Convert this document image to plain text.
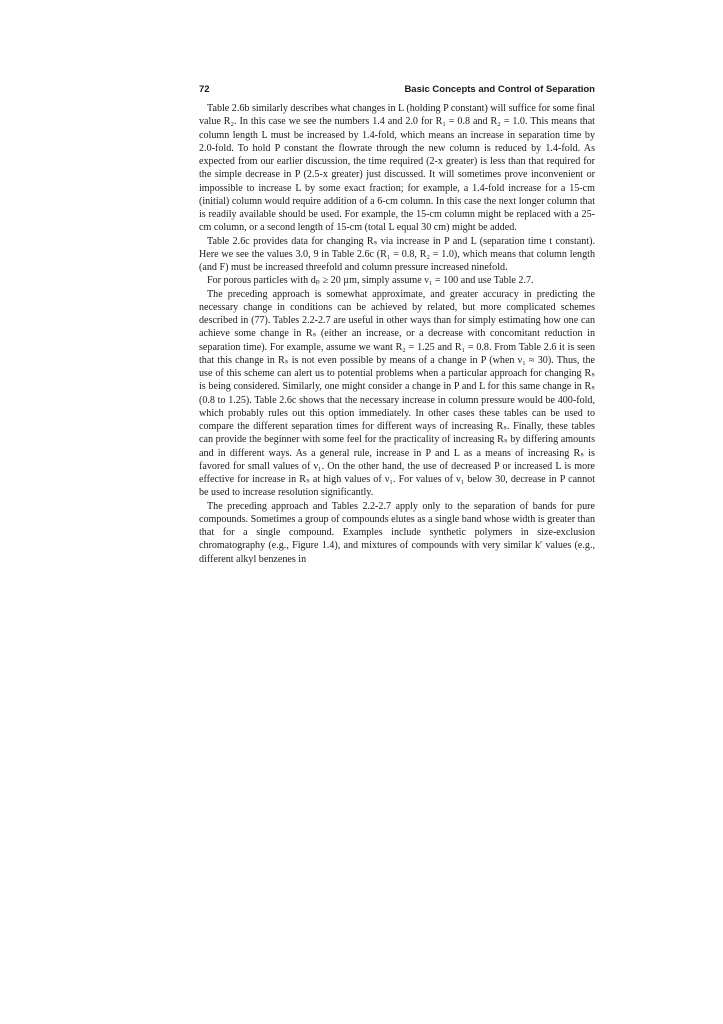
72	Basic Concepts and Control of Separation

Table 2.6b similarly describes what changes in L (holding P constant) will suffice for some final value R₂. In this case we see the numbers 1.4 and 2.0 for R₁ = 0.8 and R₂ = 1.0. This means that column length L must be increased by 1.4-fold, which means an increase in separation time by 2.0-fold. To hold P constant the flowrate through the new column is reduced by 1.4-fold. As expected from our earlier discussion, the time required (2-x greater) is less than that required for the simple decrease in P (2.5-x greater) just discussed. It will sometimes prove inconvenient or impossible to increase L by some exact fraction; for example, a 1.4-fold increase for a 15-cm (initial) column would require addition of a 6-cm column. In this case the next longer column that is readily available should be used. For example, the 15-cm column might be replaced with a 25-cm column, or a second length of 15-cm (total L equal 30 cm) might be added.

Table 2.6c provides data for changing Rₛ via increase in P and L (separation time t constant). Here we see the values 3.0, 9 in Table 2.6c (R₁ = 0.8, R₂ = 1.0), which means that column length (and F) must be increased threefold and column pressure increased ninefold.

For porous particles with dₚ ≥ 20 µm, simply assume ν₁ = 100 and use Table 2.7.

The preceding approach is somewhat approximate, and greater accuracy in predicting the necessary change in conditions can be achieved by related, but more complicated schemes described in (77). Tables 2.2-2.7 are useful in other ways than for simply estimating how one can achieve some change in Rₛ (either an increase, or a decrease with concomitant reduction in separation time). For example, assume we want R₂ = 1.25 and R₁ = 0.8. From Table 2.6 it is seen that this change in Rₛ is not even possible by means of a change in P (when ν₁ ≈ 30). Thus, the use of this scheme can alert us to potential problems when a particular approach for changing Rₛ is being considered. Similarly, one might consider a change in P and L for this same change in Rₛ (0.8 to 1.25). Table 2.6c shows that the necessary increase in column pressure would be 400-fold, which probably rules out this option immediately. In other cases these tables can be used to compare the different separation times for different ways of increasing Rₛ. Finally, these tables can provide the beginner with some feel for the practicality of increasing Rₛ by differing amounts and in different ways. As a general rule, increase in P and L as a means of increasing Rₛ is favored for small values of ν₁. On the other hand, the use of decreased P or increased L is more effective for increase in Rₛ at high values of ν₁. For values of ν₁ below 30, decrease in P cannot be used to increase resolution significantly.

The preceding approach and Tables 2.2-2.7 apply only to the separation of bands for pure compounds. Sometimes a group of compounds elutes as a single band whose width is greater than that for a single compound. Examples include synthetic polymers in size-exclusion chromatography (e.g., Figure 1.4), and mixtures of compounds with very similar k′ values (e.g., different alkyl benzenes in
